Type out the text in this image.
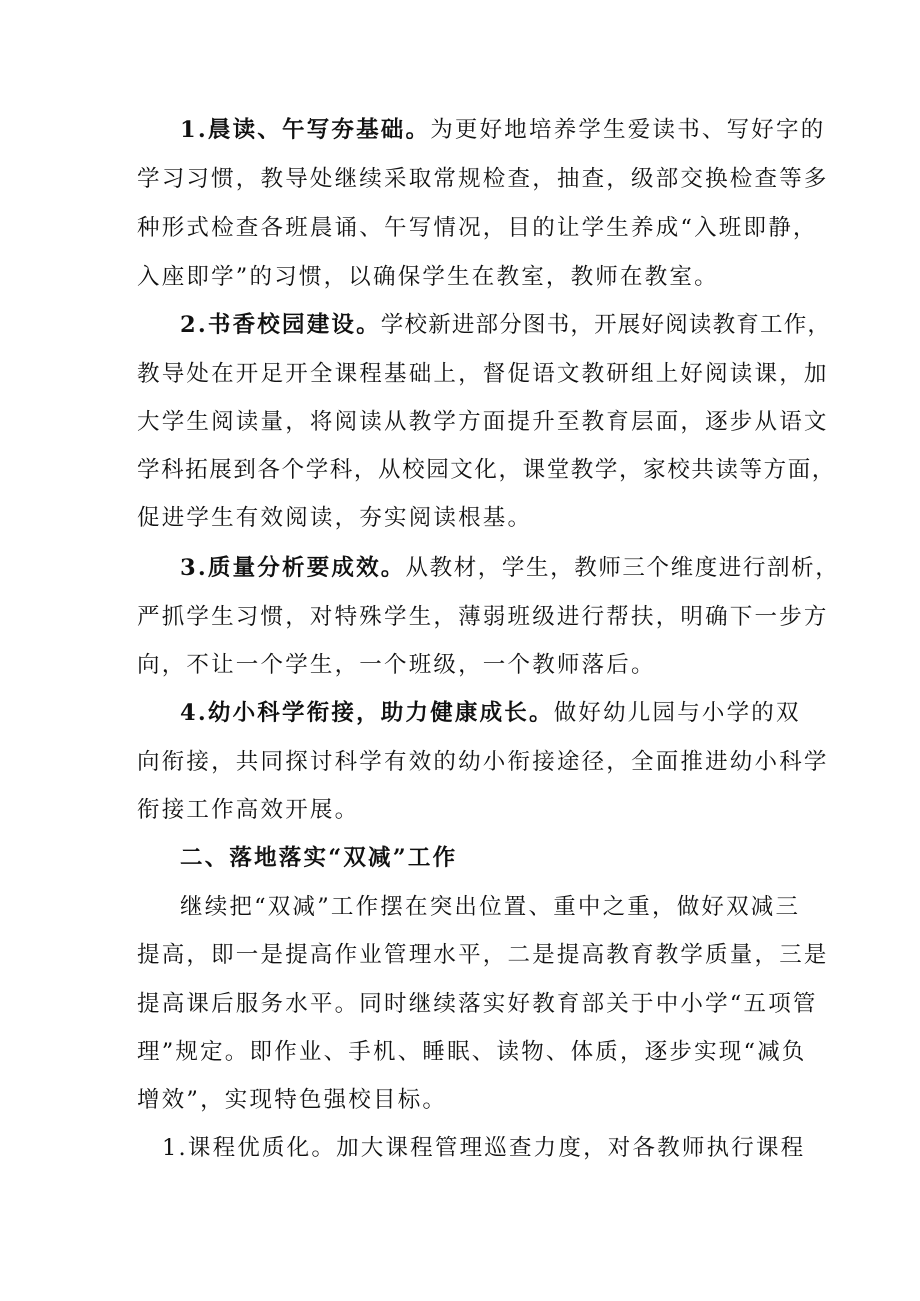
1.晨读、午写夯基础。为更好地培养学生爱读书、写好字的
学习习惯，教导处继续采取常规检查，抽查，级部交换检查等多
种形式检查各班晨诵、午写情况，目的让学生养成“入班即静，
入座即学”的习惯，以确保学生在教室，教师在教室。
2.书香校园建设。学校新进部分图书，开展好阅读教育工作，
教导处在开足开全课程基础上，督促语文教研组上好阅读课，加
大学生阅读量，将阅读从教学方面提升至教育层面，逐步从语文
学科拓展到各个学科，从校园文化，课堂教学，家校共读等方面，
促进学生有效阅读，夯实阅读根基。
3.质量分析要成效。从教材，学生，教师三个维度进行剖析，
严抓学生习惯，对特殊学生，薄弱班级进行帮扶，明确下一步方
向，不让一个学生，一个班级，一个教师落后。
4.幼小科学衔接，助力健康成长。做好幼儿园与小学的双
向衔接，共同探讨科学有效的幼小衔接途径，全面推进幼小科学
衔接工作高效开展。
二、落地落实“双减”工作
继续把“双减”工作摆在突出位置、重中之重，做好双减三
提高，即一是提高作业管理水平，二是提高教育教学质量，三是
提高课后服务水平。同时继续落实好教育部关于中小学“五项管
理”规定。即作业、手机、睡眠、读物、体质，逐步实现“减负
增效”，实现特色强校目标。
1.课程优质化。加大课程管理巡查力度，对各教师执行课程
